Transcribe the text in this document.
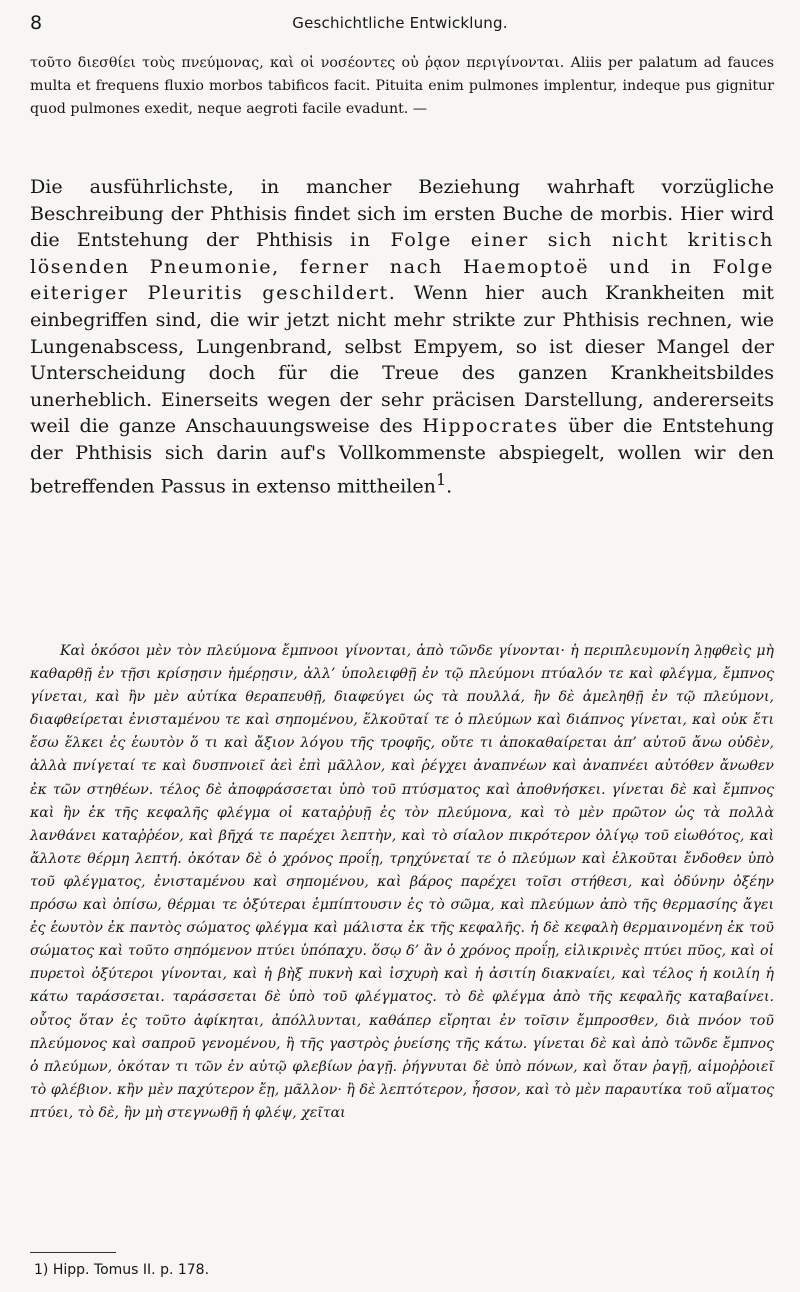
8	Geschichtliche Entwicklung.

τοῦτο διεσθίει τοὺς πνεύμονας, καὶ οἱ νοσέοντες οὐ ῥᾳον περιγίνονται. Aliis per palatum ad fauces multa et frequens fluxio morbos tabificos facit. Pituita enim pulmones implentur, indeque pus gignitur quod pulmones exedit, neque aegroti facile evadunt. —

Die ausführlichste, in mancher Beziehung wahrhaft vorzügliche Beschreibung der Phthisis findet sich im ersten Buche de morbis. Hier wird die Entstehung der Phthisis in Folge einer sich nicht kritisch lösenden Pneumonie, ferner nach Haemoptoë und in Folge eiteriger Pleuritis geschildert. Wenn hier auch Krankheiten mit einbegriffen sind, die wir jetzt nicht mehr strikte zur Phthisis rechnen, wie Lungenabscess, Lungenbrand, selbst Empyem, so ist dieser Mangel der Unterscheidung doch für die Treue des ganzen Krankheitsbildes unerheblich. Einerseits wegen der sehr präcisen Darstellung, andererseits weil die ganze Anschauungsweise des Hippocrates über die Entstehung der Phthisis sich darin auf's Vollkommenste abspiegelt, wollen wir den betreffenden Passus in extenso mittheilen$^1$.

Καὶ ὁκόσοι μὲν τὸν πλεύμονα ἔμπνοοι γίνονται, ἀπὸ τῶνδε γίνονται· ἡ περιπλευμονίη λῃφθεὶς μὴ καθαρθῇ ἐν τῇσι κρίσῃσιν ἡμέρῃσιν, ἀλλ’ ὑπολειφθῇ ἐν τῷ πλεύμονι πτύαλόν τε καὶ φλέγμα, ἔμπνος γίνεται, καὶ ἢν μὲν αὐτίκα θεραπευθῇ, διαφεύγει ὡς τὰ πουλλά, ἢν δὲ ἀμεληθῇ ἐν τῷ πλεύμονι, διαφθείρεται ἐνισταμένου τε καὶ σηπομένου, ἕλκοῦταί τε ὁ πλεύμων καὶ διάπνος γίνεται, καὶ οὐκ ἔτι ἔσω ἕλκει ἐς ἑωυτὸν ὅ τι καὶ ἄξιον λόγου τῆς τροφῆς, οὔτε τι ἀποκαθαίρεται ἀπ’ αὐτοῦ ἄνω οὐδὲν, ἀλλὰ πνίγεταί τε καὶ δυσπνοιεῖ ἀεὶ ἐπὶ μᾶλλον, καὶ ῥέγχει ἀναπνέων καὶ ἀναπνέει αὐτόθεν ἄνωθεν ἐκ τῶν στηθέων. τέλος δὲ ἀποφράσσεται ὑπὸ τοῦ πτύσματος καὶ ἀποθνήσκει. γίνεται δὲ καὶ ἔμπνος καὶ ἢν ἐκ τῆς κεφαλῆς φλέγμα οἱ καταῤῥυῇ ἐς τὸν πλεύμονα, καὶ τὸ μὲν πρῶτον ὡς τὰ πολλὰ λανθάνει καταῤῥέον, καὶ βῆχά τε παρέχει λεπτὴν, καὶ τὸ σίαλον πικρότερον ὀλίγῳ τοῦ εἰωθότος, καὶ ἄλλοτε θέρμη λεπτή. ὁκόταν δὲ ὁ χρόνος προΐῃ, τρηχύνεταί τε ὁ πλεύμων καὶ ἑλκοῦται ἔνδοθεν ὑπὸ τοῦ φλέγματος, ἐνισταμένου καὶ σηπομένου, καὶ βάρος παρέχει τοῖσι στήθεσι, καὶ ὀδύνην ὀξέην πρόσω καὶ ὀπίσω, θέρμαι τε ὀξύτεραι ἐμπίπτουσιν ἐς τὸ σῶμα, καὶ πλεύμων ἀπὸ τῆς θερμασίης ἄγει ἐς ἑωυτὸν ἐκ παντὸς σώματος φλέγμα καὶ μάλιστα ἐκ τῆς κεφαλῆς. ἡ δὲ κεφαλὴ θερμαινομένη ἐκ τοῦ σώματος καὶ τοῦτο σηπόμενον πτύει ὑπόπαχυ. ὅσῳ δ’ ἂν ὁ χρόνος προΐῃ, εἰλικρινὲς πτύει πῦος, καὶ οἱ πυρετοὶ ὀξύτεροι γίνονται, καὶ ἡ βὴξ πυκνὴ καὶ ἰσχυρὴ καὶ ἡ ἀσιτίη διακναίει, καὶ τέλος ἡ κοιλίη ἡ κάτω ταράσσεται. ταράσσεται δὲ ὑπὸ τοῦ φλέγματος. τὸ δὲ φλέγμα ἀπὸ τῆς κεφαλῆς καταβαίνει. οὗτος ὅταν ἐς τοῦτο ἀφίκηται, ἀπόλλυνται, καθάπερ εἴρηται ἐν τοῖσιν ἔμπροσθεν, διὰ πνόον τοῦ πλεύμονος καὶ σαπροῦ γενομένου, ἢ τῆς γαστρὸς ῥυείσης τῆς κάτω. γίνεται δὲ καὶ ἀπὸ τῶνδε ἔμπνος ὁ πλεύμων, ὁκόταν τι τῶν ἐν αὐτῷ φλεβίων ῥαγῇ. ῥήγνυται δὲ ὑπὸ πόνων, καὶ ὅταν ῥαγῇ, αἱμοῤῥοιεῖ τὸ φλέβιον. κἢν μὲν παχύτερον ἔῃ, μᾶλλον· ἢ δὲ λεπτότερον, ἧσσον, καὶ τὸ μὲν παραυτίκα τοῦ αἵματος πτύει, τὸ δὲ, ἢν μὴ στεγνωθῇ ἡ φλέψ, χεῖται

1) Hipp. Tomus II. p. 178.
